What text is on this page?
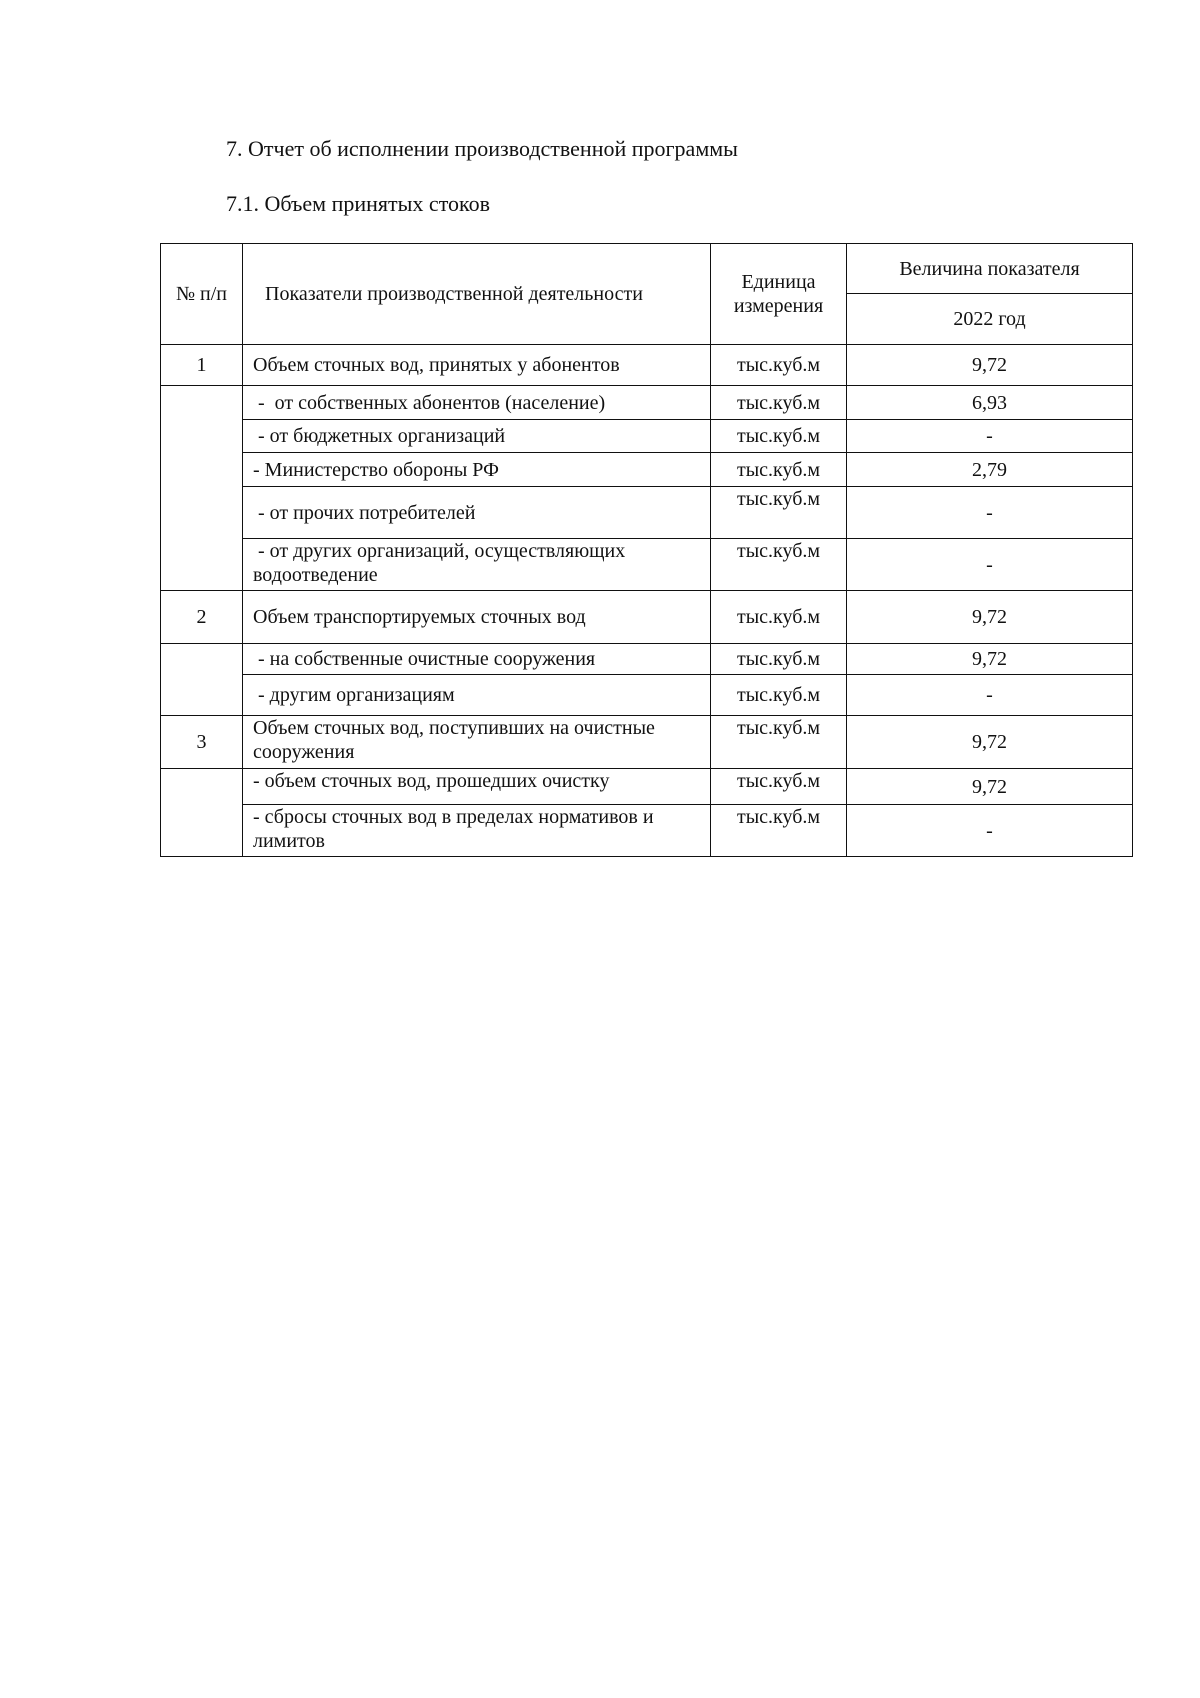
7. Отчет об исполнении производственной программы
7.1. Объем принятых стоков
№ п/п	Показатели производственной деятельности	Единица измерения	Величина показателя
			2022 год
1	Объем сточных вод, принятых у абонентов	тыс.куб.м	9,72
	-  от собственных абонентов (население)	тыс.куб.м	6,93
	- от бюджетных организаций	тыс.куб.м	-
	- Министерство обороны РФ	тыс.куб.м	2,79
	- от прочих потребителей	тыс.куб.м	-
	- от других организаций, осуществляющих водоотведение	тыс.куб.м	-
2	Объем транспортируемых сточных вод	тыс.куб.м	9,72
	- на собственные очистные сооружения	тыс.куб.м	9,72
	- другим организациям	тыс.куб.м	-
3	Объем сточных вод, поступивших на очистные сооружения	тыс.куб.м	9,72
	- объем сточных вод, прошедших очистку	тыс.куб.м	9,72
	- сбросы сточных вод в пределах нормативов и лимитов	тыс.куб.м	-
